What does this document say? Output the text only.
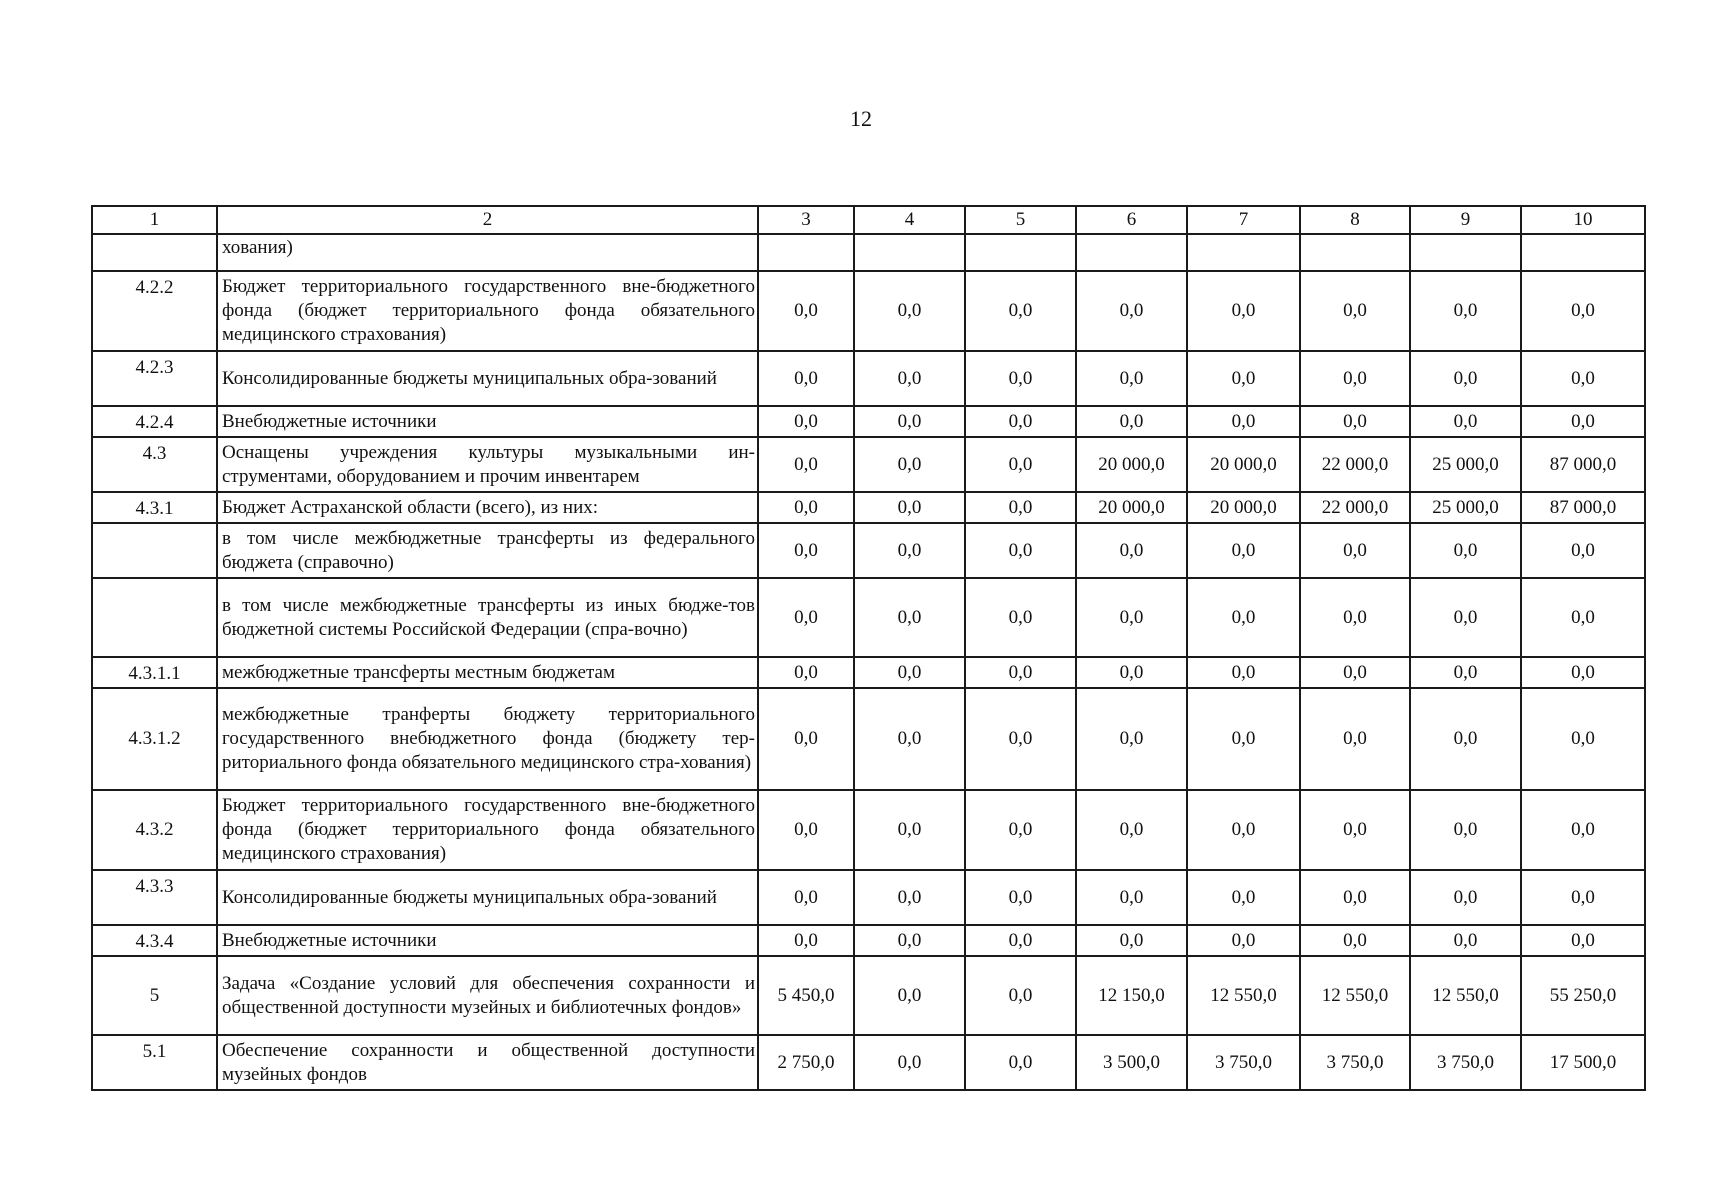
12
1	2	3	4	5	6	7	8	9	10
	хования)								
4.2.2	Бюджет территориального государственного вне-бюджетного фонда (бюджет территориального фонда обязательного медицинского страхования)	0,0	0,0	0,0	0,0	0,0	0,0	0,0	0,0
4.2.3	Консолидированные бюджеты муниципальных обра-зований	0,0	0,0	0,0	0,0	0,0	0,0	0,0	0,0
4.2.4	Внебюджетные источники	0,0	0,0	0,0	0,0	0,0	0,0	0,0	0,0
4.3	Оснащены учреждения культуры музыкальными ин-струментами, оборудованием и прочим инвентарем	0,0	0,0	0,0	20 000,0	20 000,0	22 000,0	25 000,0	87 000,0
4.3.1	Бюджет Астраханской области (всего), из них:	0,0	0,0	0,0	20 000,0	20 000,0	22 000,0	25 000,0	87 000,0
	в том числе межбюджетные трансферты из федерального бюджета (справочно)	0,0	0,0	0,0	0,0	0,0	0,0	0,0	0,0
	в том числе межбюджетные трансферты из иных бюдже-тов бюджетной системы Российской Федерации (спра-вочно)	0,0	0,0	0,0	0,0	0,0	0,0	0,0	0,0
4.3.1.1	межбюджетные трансферты местным бюджетам	0,0	0,0	0,0	0,0	0,0	0,0	0,0	0,0
4.3.1.2	межбюджетные транферты бюджету территориального государственного внебюджетного фонда (бюджету тер-риториального фонда обязательного медицинского стра-хования)	0,0	0,0	0,0	0,0	0,0	0,0	0,0	0,0
4.3.2	Бюджет территориального государственного вне-бюджетного фонда (бюджет территориального фонда обязательного медицинского страхования)	0,0	0,0	0,0	0,0	0,0	0,0	0,0	0,0
4.3.3	Консолидированные бюджеты муниципальных обра-зований	0,0	0,0	0,0	0,0	0,0	0,0	0,0	0,0
4.3.4	Внебюджетные источники	0,0	0,0	0,0	0,0	0,0	0,0	0,0	0,0
5	Задача «Создание условий для обеспечения сохранности и общественной доступности музейных и библиотечных фондов»	5 450,0	0,0	0,0	12 150,0	12 550,0	12 550,0	12 550,0	55 250,0
5.1	Обеспечение сохранности и общественной доступности музейных фондов	2 750,0	0,0	0,0	3 500,0	3 750,0	3 750,0	3 750,0	17 500,0
